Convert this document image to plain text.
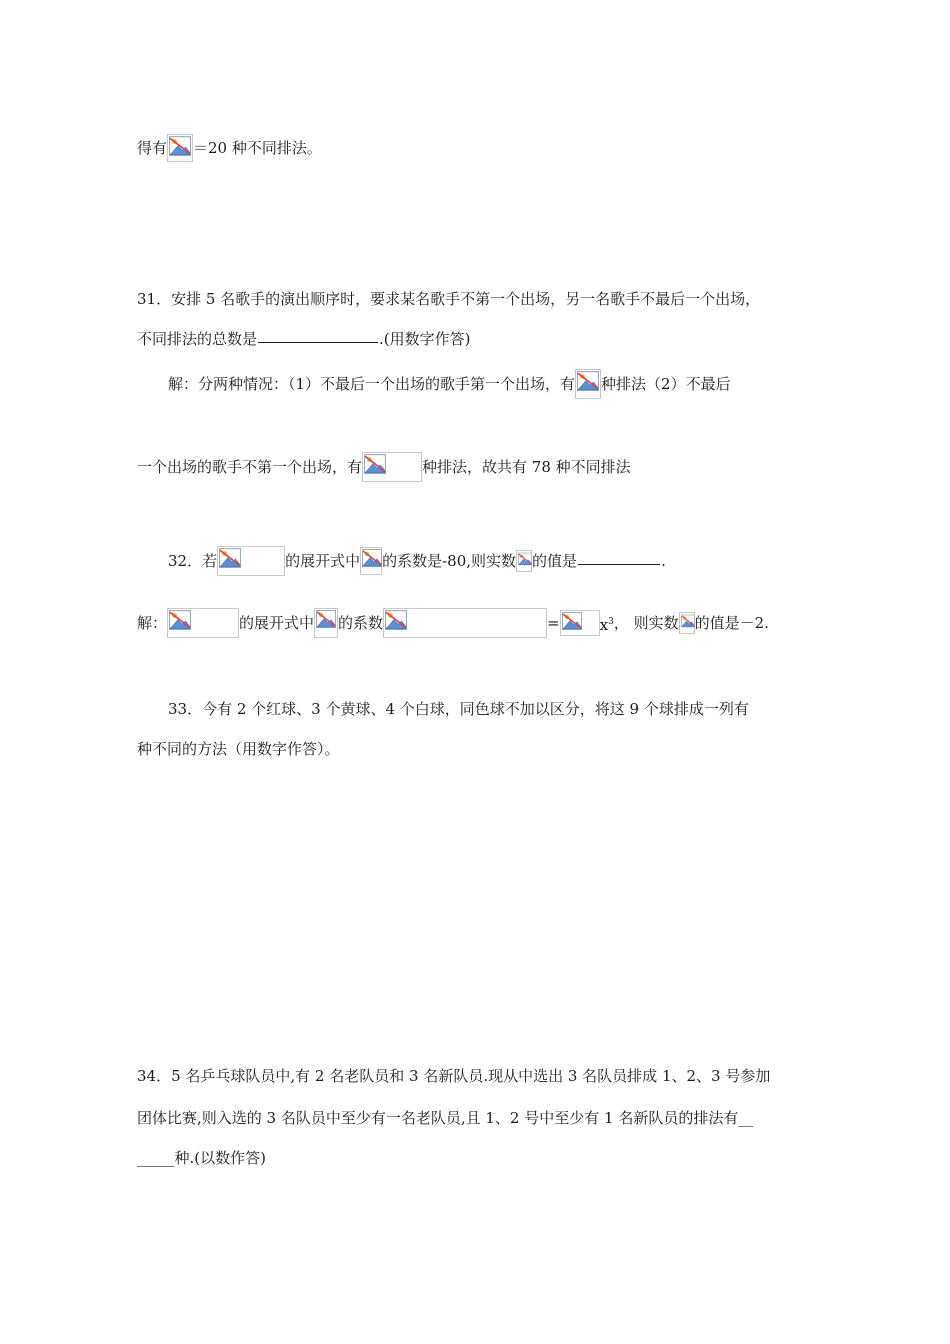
得有 ＝20 种不同排法。
31．安排 5 名歌手的演出顺序时，要求某名歌手不第一个出场，另一名歌手不最后一个出场，
不同排法的总数是	.(用数字作答)
解：分两种情况：（1）不最后一个出场的歌手第一个出场，有 种排法（2）不最后
一个出场的歌手不第一个出场，有	种排法，故共有 78 种不同排法
32．若	的展开式中 的系数是-80,则实数 的值是	.
解：	的展开式中 的系数	=	$x^3$， 则实数 的值是－2.
33．今有 2 个红球、3 个黄球、4 个白球，同色球不加以区分，将这 9 个球排成一列有
种不同的方法（用数字作答）。
34．5 名乒乓球队员中,有 2 名老队员和 3 名新队员.现从中选出 3 名队员排成 1、2、3 号参加
团体比赛,则入选的 3 名队员中至少有一名老队员,且 1、2 号中至少有 1 名新队员的排法有__
_____种.(以数作答)
